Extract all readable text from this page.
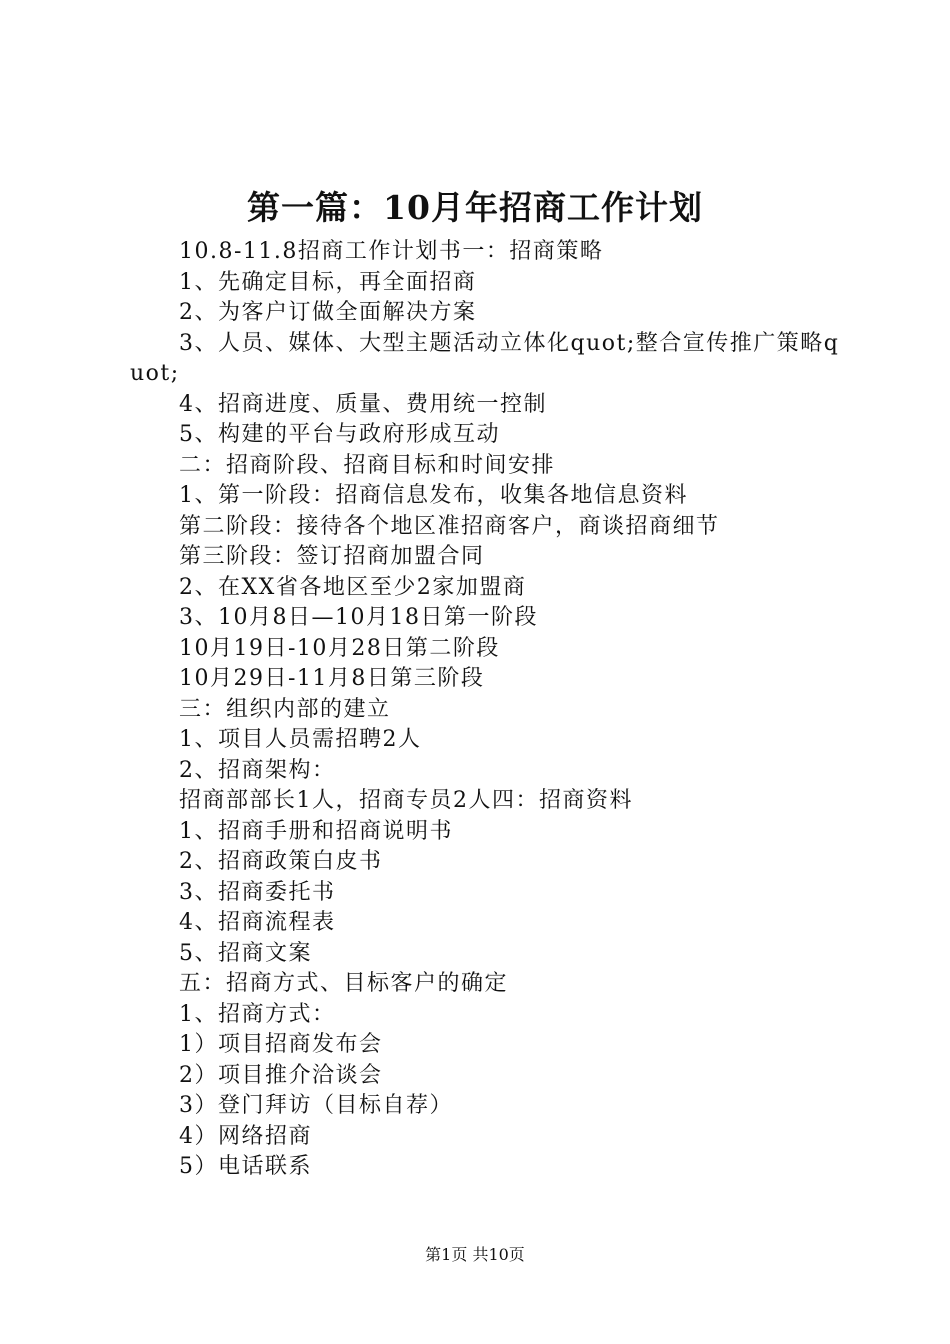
第一篇：10月年招商工作计划

10.8-11.8招商工作计划书一：招商策略

1、先确定目标，再全面招商

2、为客户订做全面解决方案

3、人员、媒体、大型主题活动立体化quot;整合宣传推广策略quot;

4、招商进度、质量、费用统一控制

5、构建的平台与政府形成互动

二：招商阶段、招商目标和时间安排

1、第一阶段：招商信息发布，收集各地信息资料

第二阶段：接待各个地区准招商客户，商谈招商细节

第三阶段：签订招商加盟合同

2、在XX省各地区至少2家加盟商

3、10月8日—10月18日第一阶段

10月19日-10月28日第二阶段

10月29日-11月8日第三阶段

三：组织内部的建立

1、项目人员需招聘2人

2、招商架构：

招商部部长1人，招商专员2人四：招商资料

1、招商手册和招商说明书

2、招商政策白皮书

3、招商委托书

4、招商流程表

5、招商文案

五：招商方式、目标客户的确定

1、招商方式：

1）项目招商发布会

2）项目推介洽谈会

3）登门拜访（目标自荐）

4）网络招商

5）电话联系

第1页 共10页
